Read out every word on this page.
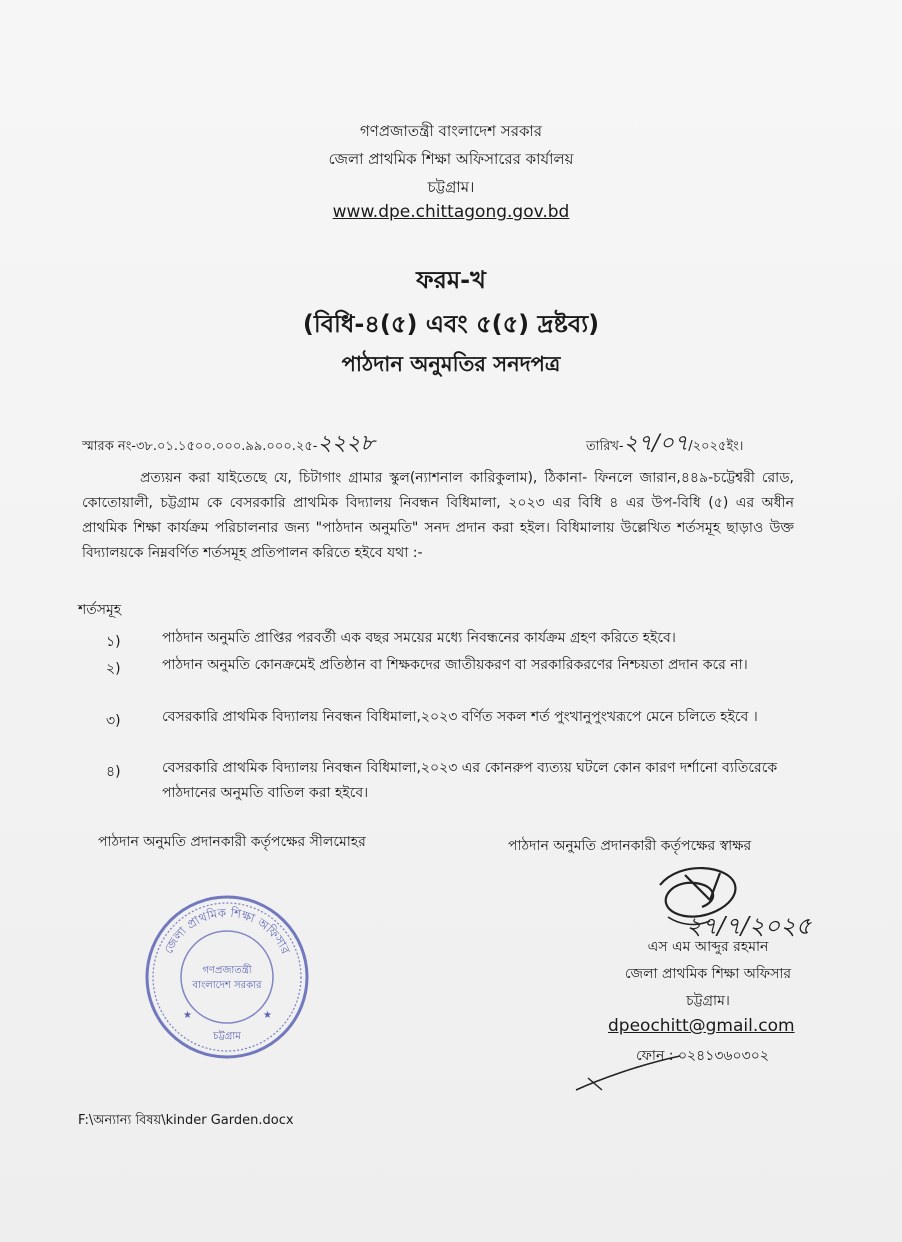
গণপ্রজাতন্ত্রী বাংলাদেশ সরকার
জেলা প্রাথমিক শিক্ষা অফিসারের কার্যালয়
চট্টগ্রাম।
www.dpe.chittagong.gov.bd
ফরম-খ
(বিধি-৪(৫) এবং ৫(৫) দ্রষ্টব্য)
পাঠদান অনুমতির সনদপত্র
স্মারক নং-৩৮.০১.১৫০০.০০০.৯৯.০০০.২৫-২২২৮	তারিখ-২৭/০৭/২০২৫ইং।
প্রত্যয়ন করা যাইতেছে যে, চিটাগাং গ্রামার স্কুল(ন্যাশনাল কারিকুলাম), ঠিকানা- ফিনলে জারান,৪৪৯-চট্টেশ্বরী রোড, কোতোয়ালী, চট্টগ্রাম কে বেসরকারি প্রাথমিক বিদ্যালয় নিবন্ধন বিধিমালা, ২০২৩ এর বিধি ৪ এর উপ-বিধি (৫) এর অধীন প্রাথমিক শিক্ষা কার্যক্রম পরিচালনার জন্য "পাঠদান অনুমতি" সনদ প্রদান করা হইল। বিধিমালায় উল্লেখিত শর্তসমূহ ছাড়াও উক্ত বিদ্যালয়কে নিম্নবর্ণিত শর্তসমূহ প্রতিপালন করিতে হইবে যথা :-
শর্তসমূহ
১)	পাঠদান অনুমতি প্রাপ্তির পরবর্তী এক বছর সময়ের মধ্যে নিবন্ধনের কার্যক্রম গ্রহণ করিতে হইবে।
২)	পাঠদান অনুমতি কোনক্রমেই প্রতিষ্ঠান বা শিক্ষকদের জাতীয়করণ বা সরকারিকরণের নিশ্চয়তা প্রদান করে না।
৩)	বেসরকারি প্রাথমিক বিদ্যালয় নিবন্ধন বিধিমালা,২০২৩ বর্ণিত সকল শর্ত পুংখানুপুংখরূপে মেনে চলিতে হইবে ।
৪)	বেসরকারি প্রাথমিক বিদ্যালয় নিবন্ধন বিধিমালা,২০২৩ এর কোনরুপ ব্যত্যয় ঘটলে কোন কারণ দর্শানো ব্যতিরেকে পাঠদানের অনুমতি বাতিল করা হইবে।
পাঠদান অনুমতি প্রদানকারী কর্তৃপক্ষের সীলমোহর	পাঠদান অনুমতি প্রদানকারী কর্তৃপক্ষের স্বাক্ষর
২৭/৭/২০২৫
এস এম আব্দুর রহমান
জেলা প্রাথমিক শিক্ষা অফিসার
চট্টগ্রাম।
dpeochitt@gmail.com
ফোন : ০২৪১৩৬০৩০২
জেলা প্রাথমিক শিক্ষা অফিসার
গণপ্রজাতন্ত্রী
বাংলাদেশ সরকার
চট্টগ্রাম
★	★
F:\অন্যান্য বিষয়\kinder Garden.docx
